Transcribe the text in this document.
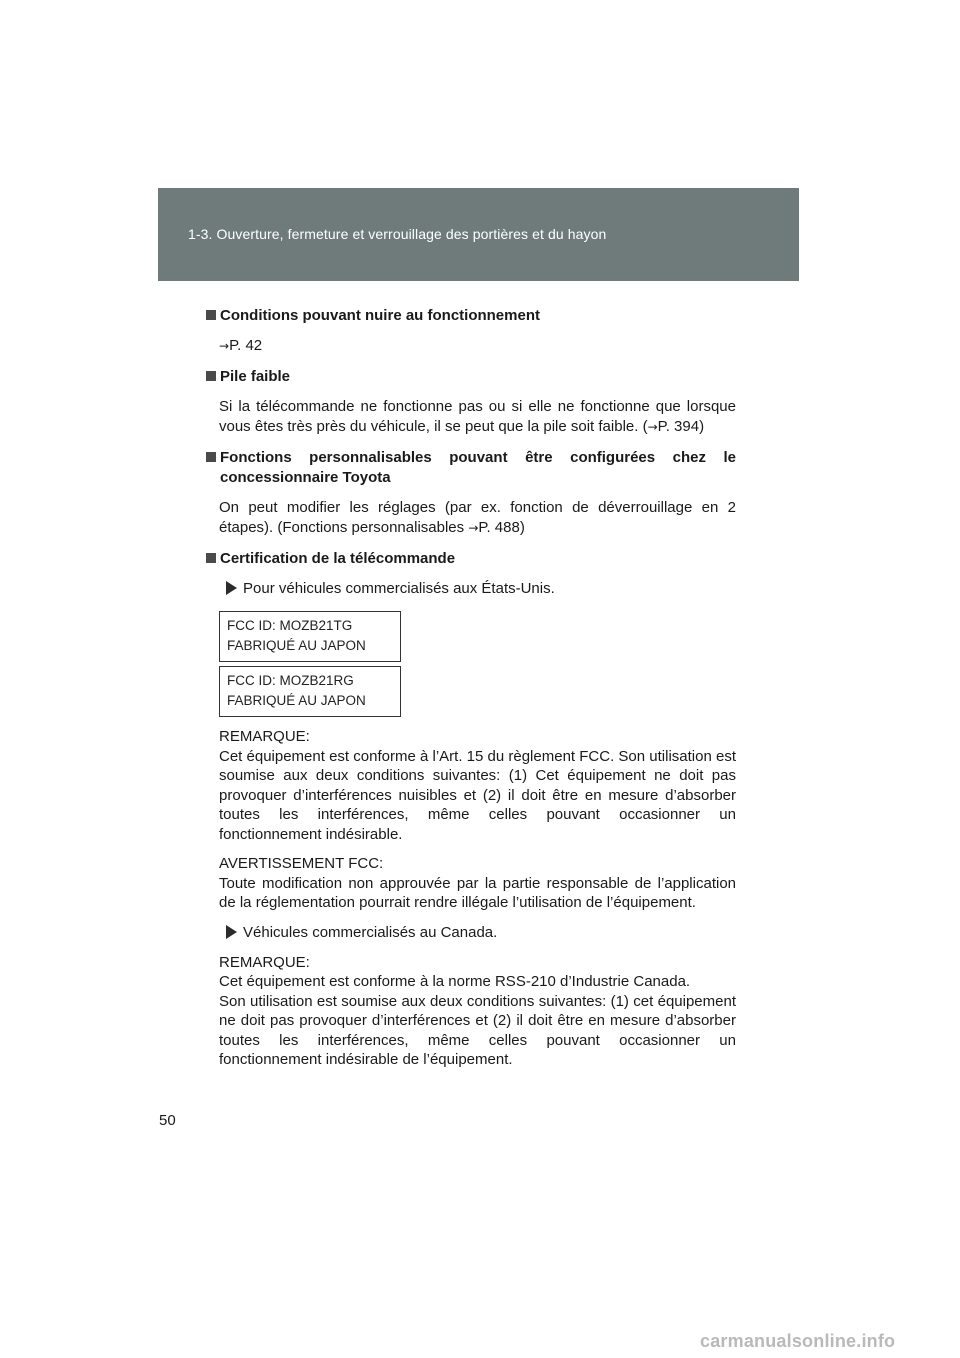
1-3. Ouverture, fermeture et verrouillage des portières et du hayon
Conditions pouvant nuire au fonctionnement
→P. 42
Pile faible
Si la télécommande ne fonctionne pas ou si elle ne fonctionne que lorsque vous êtes très près du véhicule, il se peut que la pile soit faible. (→P. 394)
Fonctions personnalisables pouvant être configurées chez le concessionnaire Toyota
On peut modifier les réglages (par ex. fonction de déverrouillage en 2 étapes). (Fonctions personnalisables →P. 488)
Certification de la télécommande
Pour véhicules commercialisés aux États-Unis.
FCC ID: MOZB21TG
FABRIQUÉ AU JAPON
FCC ID: MOZB21RG
FABRIQUÉ AU JAPON
REMARQUE:
Cet équipement est conforme à l’Art. 15 du règlement FCC. Son utilisation est soumise aux deux conditions suivantes: (1) Cet équipement ne doit pas provoquer d’interférences nuisibles et (2) il doit être en mesure d’absorber toutes les interférences, même celles pouvant occasionner un fonctionnement indésirable.
AVERTISSEMENT FCC:
Toute modification non approuvée par la partie responsable de l’application de la réglementation pourrait rendre illégale l’utilisation de l’équipement.
Véhicules commercialisés au Canada.
REMARQUE:
Cet équipement est conforme à la norme RSS-210 d’Industrie Canada.
Son utilisation est soumise aux deux conditions suivantes: (1) cet équipement ne doit pas provoquer d’interférences et (2) il doit être en mesure d’absorber toutes les interférences, même celles pouvant occasionner un fonctionnement indésirable de l’équipement.
50
carmanualsonline.info
